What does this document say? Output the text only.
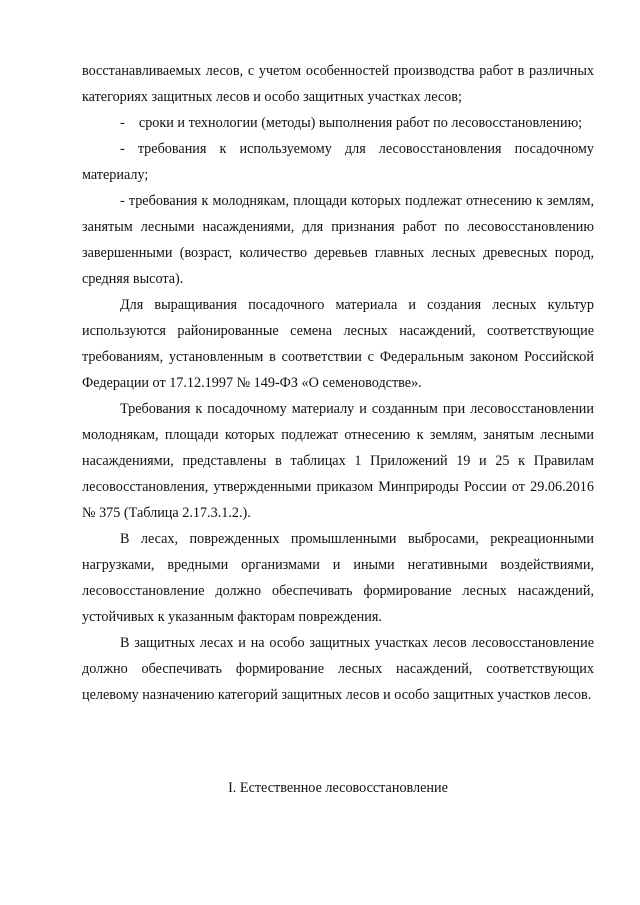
восстанавливаемых лесов, с учетом особенностей производства работ в различных категориях защитных лесов и особо защитных участках лесов;

- сроки и технологии (методы) выполнения работ по лесовосстановлению;

- требования к используемому для лесовосстановления посадочному материалу;

- требования к молоднякам, площади которых подлежат отнесению к землям, занятым лесными насаждениями, для признания работ по лесовосстановлению завершенными (возраст, количество деревьев главных лесных древесных пород, средняя высота).

Для выращивания посадочного материала и создания лесных культур используются районированные семена лесных насаждений, соответствующие требованиям, установленным в соответствии с Федеральным законом Российской Федерации от 17.12.1997 № 149-ФЗ «О семеноводстве».

Требования к посадочному материалу и созданным при лесовосстановлении молоднякам, площади которых подлежат отнесению к землям, занятым лесными насаждениями, представлены в таблицах 1 Приложений 19 и 25 к Правилам лесовосстановления, утвержденными приказом Минприроды России от 29.06.2016 № 375 (Таблица 2.17.3.1.2.).

В лесах, поврежденных промышленными выбросами, рекреационными нагрузками, вредными организмами и иными негативными воздействиями, лесовосстановление должно обеспечивать формирование лесных насаждений, устойчивых к указанным факторам повреждения.

В защитных лесах и на особо защитных участках лесов лесовосстановление должно обеспечивать формирование лесных насаждений, соответствующих целевому назначению категорий защитных лесов и особо защитных участков лесов.

I. Естественное лесовосстановление
